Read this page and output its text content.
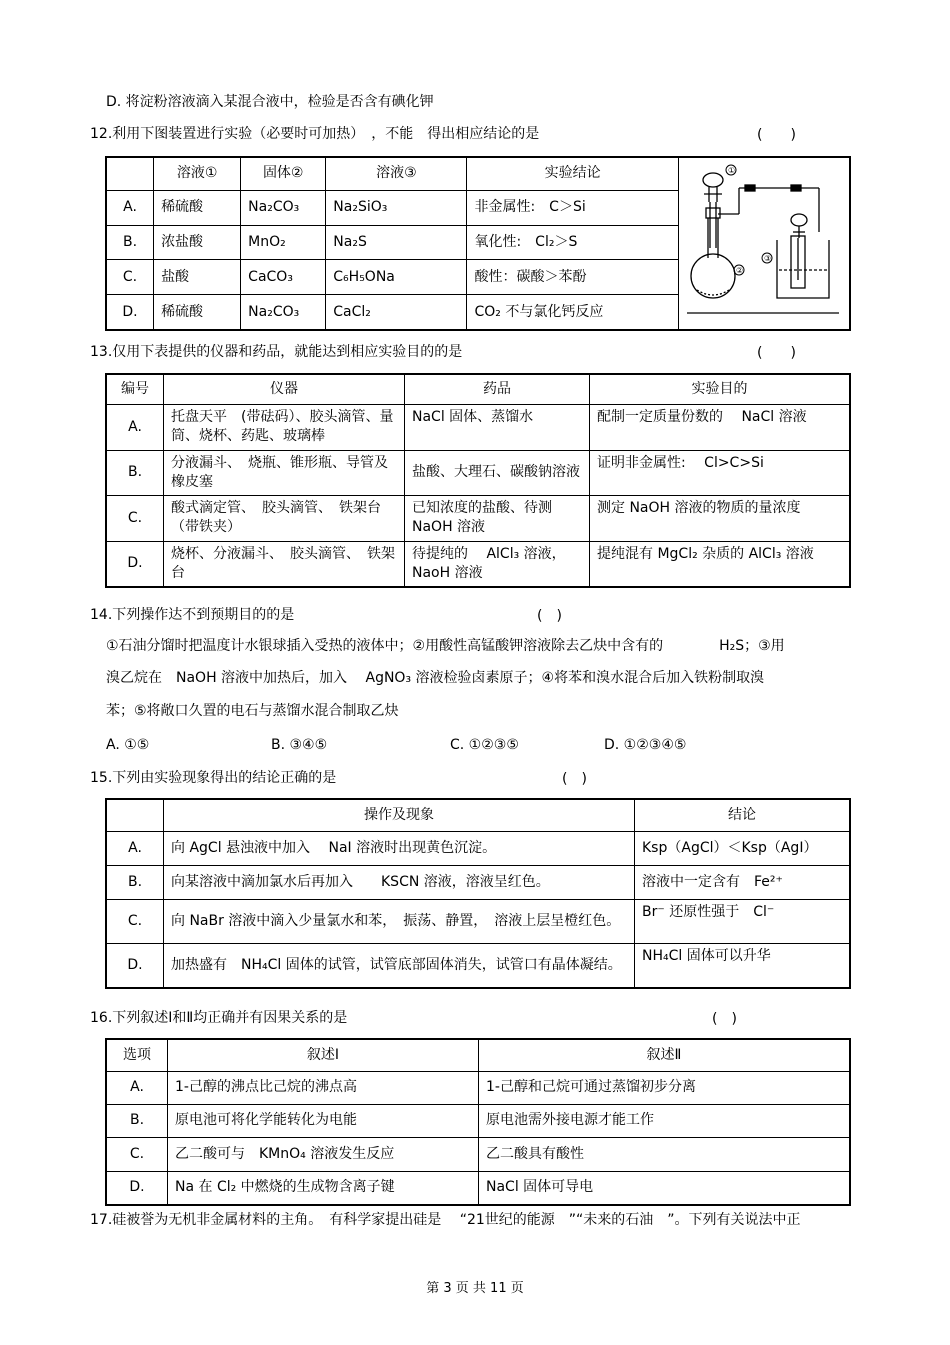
D. 将淀粉溶液滴入某混合液中，检验是否含有碘化钾
12.利用下图装置进行实验（必要时可加热）　，不能　得出相应结论的是	(　　)
	溶液①	固体②	溶液③	实验结论	①
②
③

A.	稀硫酸	Na₂CO₃	Na₂SiO₃	非金属性:　C＞Si	
B.	浓盐酸	MnO₂	Na₂S	氧化性:　Cl₂＞S	
C.	盐酸	CaCO₃	C₆H₅ONa	酸性：碳酸＞苯酚	
D.	稀硫酸	Na₂CO₃	CaCl₂	CO₂ 不与氯化钙反应	
13.仅用下表提供的仪器和药品，就能达到相应实验目的的是	(　　)
编号	仪器	药品	实验目的
A.	托盘天平　(带砝码）、胶头滴管、量筒、烧杯、药匙、玻璃棒	NaCl 固体、蒸馏水	配制一定质量份数的　 NaCl 溶液
B.	分液漏斗、　烧瓶、锥形瓶、导管及橡皮塞	盐酸、大理石、碳酸钠溶液	证明非金属性:　 Cl>C>Si
C.	酸式滴定管、　胶头滴管、　铁架台（带铁夹）	已知浓度的盐酸、待测 NaOH 溶液	测定 NaOH 溶液的物质的量浓度
D.	烧杯、分液漏斗、　胶头滴管、　铁架台	待提纯的　 AlCl₃ 溶液，NaoH 溶液	提纯混有 MgCl₂ 杂质的 AlCl₃ 溶液
14.下列操作达不到预期目的的是	(　)
①石油分馏时把温度计水银球插入受热的液体中；②用酸性高锰酸钾溶液除去乙炔中含有的　　　　H₂S；③用
溴乙烷在　NaOH 溶液中加热后，加入　 AgNO₃ 溶液检验卤素原子；④将苯和溴水混合后加入铁粉制取溴
苯；⑤将敞口久置的电石与蒸馏水混合制取乙炔
A. ①⑤	B. ③④⑤	C. ①②③⑤	D. ①②③④⑤
15.下列由实验现象得出的结论正确的是	(　)
	操作及现象	结论
A.	向 AgCl 悬浊液中加入　 NaI 溶液时出现黄色沉淀。	Ksp（AgCl）＜Ksp（AgI）
B.	向某溶液中滴加氯水后再加入　　KSCN 溶液，溶液呈红色。	溶液中一定含有　Fe²⁺
C.	向 NaBr 溶液中滴入少量氯水和苯，　振荡、静置，　溶液上层呈橙红色。	Br⁻ 还原性强于　Cl⁻
D.	加热盛有　NH₄Cl 固体的试管，试管底部固体消失，试管口有晶体凝结。	NH₄Cl 固体可以升华
16.下列叙述Ⅰ和Ⅱ均正确并有因果关系的是	(　)
选项	叙述Ⅰ	叙述Ⅱ
A.	1-己醇的沸点比己烷的沸点高	1-己醇和己烷可通过蒸馏初步分离
B.	原电池可将化学能转化为电能	原电池需外接电源才能工作
C.	乙二酸可与　KMnO₄ 溶液发生反应	乙二酸具有酸性
D.	Na 在 Cl₂ 中燃烧的生成物含离子键	NaCl 固体可导电
17.硅被誉为无机非金属材料的主角。　有科学家提出硅是　 “21世纪的能源　”“未来的石油　”。下列有关说法中正
第 3 页 共 11 页
